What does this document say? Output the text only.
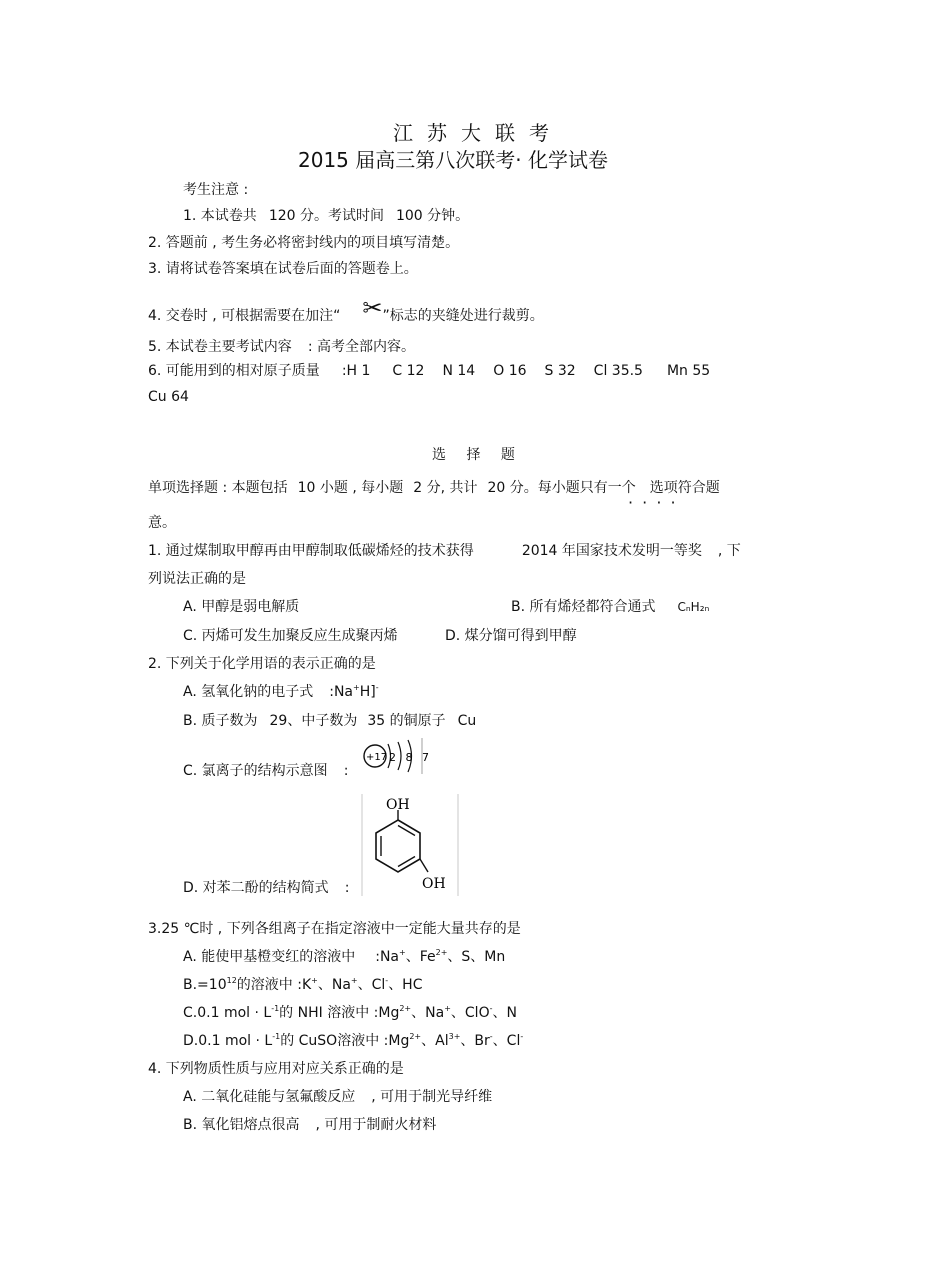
江苏大联考
2015 届高三第八次联考· 化学试卷
考生注意 :
1. 本试卷共 120 分。考试时间 100 分钟。
2. 答题前 , 考生务必将密封线内的项目填写清楚。
3. 请将试卷答案填在试卷后面的答题卷上。
4. 交卷时 , 可根据需要在加注“ ✂”标志的夹缝处进行裁剪。
5. 本试卷主要考试内容 : 高考全部内容。
6. 可能用到的相对原子质量 :H 1 C 12 N 14 O 16 S 32 Cl 35.5 Mn 55
Cu 64
选 择 题
单项选择题 : 本题包括 10 小题 , 每小题 2 分, 共计 20 分。每小题只有一个 选项符合题
· · · ·
意。
1. 通过煤制取甲醇再由甲醇制取低碳烯烃的技术获得	2014 年国家技术发明一等奖 , 下
列说法正确的是
A. 甲醇是弱电解质	B. 所有烯烃都符合通式 CₙH₂ₙ
C. 丙烯可发生加聚反应生成聚丙烯	D. 煤分馏可得到甲醇
2. 下列关于化学用语的表示正确的是
A. 氢氧化钠的电子式 :Na+H]-
B. 质子数为 29、中子数为 35 的铜原子 Cu
C. 氯离子的结构示意图 :
+17 2 8 7
D. 对苯二酚的结构简式 :
OH
OH
3.25 ℃时 , 下列各组离子在指定溶液中一定能大量共存的是
A. 能使甲基橙变红的溶液中 :Na+、$Fe^{2+}$、S、Mn
$B.=10^{12}$的溶液中 :K+、Na+、Cl-、HC
C.0.1 mol · $L^{-1}$的 NHI 溶液中 $:Mg^{2+}$、Na+、ClO-、N
D.0.1 mol · $L^{-1}$的 CuSO溶液中 $:Mg^{2+}$、$Al^{3+}$、Br-、Cl-
4. 下列物质性质与应用对应关系正确的是
A. 二氧化硅能与氢氟酸反应 , 可用于制光导纤维
B. 氧化铝熔点很高 , 可用于制耐火材料
